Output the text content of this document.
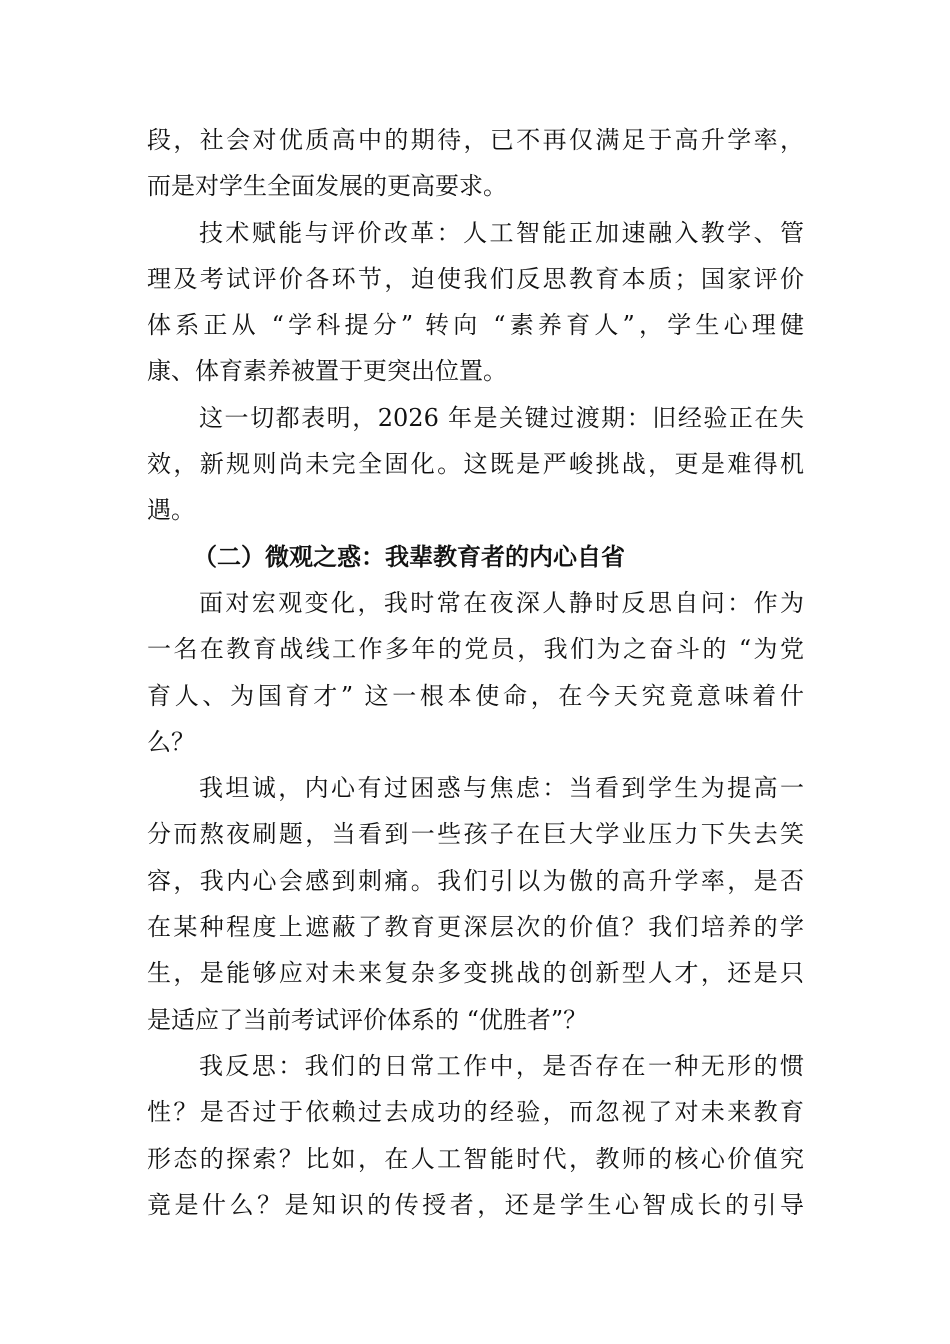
段，社会对优质高中的期待，已不再仅满足于高升学率，
而是对学生全面发展的更高要求。
技术赋能与评价改革：人工智能正加速融入教学、管
理及考试评价各环节，迫使我们反思教育本质；国家评价
体系正从 “学科提分” 转向 “素养育人”，学生心理健
康、体育素养被置于更突出位置。
这一切都表明，2026 年是关键过渡期：旧经验正在失
效，新规则尚未完全固化。这既是严峻挑战，更是难得机
遇。
（二）微观之惑：我辈教育者的内心自省
面对宏观变化，我时常在夜深人静时反思自问：作为
一名在教育战线工作多年的党员，我们为之奋斗的 “为党
育人、为国育才” 这一根本使命，在今天究竟意味着什
么？
我坦诚，内心有过困惑与焦虑：当看到学生为提高一
分而熬夜刷题，当看到一些孩子在巨大学业压力下失去笑
容，我内心会感到刺痛。我们引以为傲的高升学率，是否
在某种程度上遮蔽了教育更深层次的价值？我们培养的学
生，是能够应对未来复杂多变挑战的创新型人才，还是只
是适应了当前考试评价体系的 “优胜者”？
我反思：我们的日常工作中，是否存在一种无形的惯
性？是否过于依赖过去成功的经验，而忽视了对未来教育
形态的探索？比如，在人工智能时代，教师的核心价值究
竟是什么？是知识的传授者，还是学生心智成长的引导
